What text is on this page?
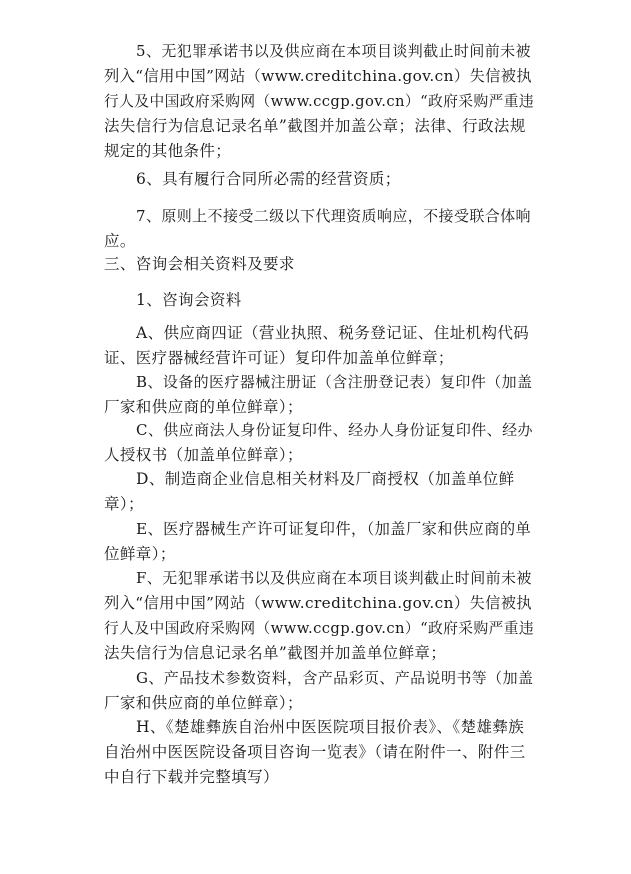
5、无犯罪承诺书以及供应商在本项目谈判截止时间前未被
列入“信用中国”网站（www.creditchina.gov.cn）失信被执
行人及中国政府采购网（www.ccgp.gov.cn）“政府采购严重违
法失信行为信息记录名单”截图并加盖公章；法律、行政法规
规定的其他条件；

6、具有履行合同所必需的经营资质；

7、原则上不接受二级以下代理资质响应，不接受联合体响
应。

三、咨询会相关资料及要求

1、咨询会资料

A、供应商四证（营业执照、税务登记证、住址机构代码
证、医疗器械经营许可证）复印件加盖单位鲜章；

B、设备的医疗器械注册证（含注册登记表）复印件（加盖
厂家和供应商的单位鲜章）；

C、供应商法人身份证复印件、经办人身份证复印件、经办
人授权书（加盖单位鲜章）；

D、制造商企业信息相关材料及厂商授权（加盖单位鲜
章）；

E、医疗器械生产许可证复印件，（加盖厂家和供应商的单
位鲜章）；

F、无犯罪承诺书以及供应商在本项目谈判截止时间前未被
列入“信用中国”网站（www.creditchina.gov.cn）失信被执
行人及中国政府采购网（www.ccgp.gov.cn）“政府采购严重违
法失信行为信息记录名单”截图并加盖单位鲜章；

G、产品技术参数资料，含产品彩页、产品说明书等（加盖
厂家和供应商的单位鲜章）；

H、《楚雄彝族自治州中医医院项目报价表》、《楚雄彝族
自治州中医医院设备项目咨询一览表》（请在附件一、附件三
中自行下载并完整填写）
